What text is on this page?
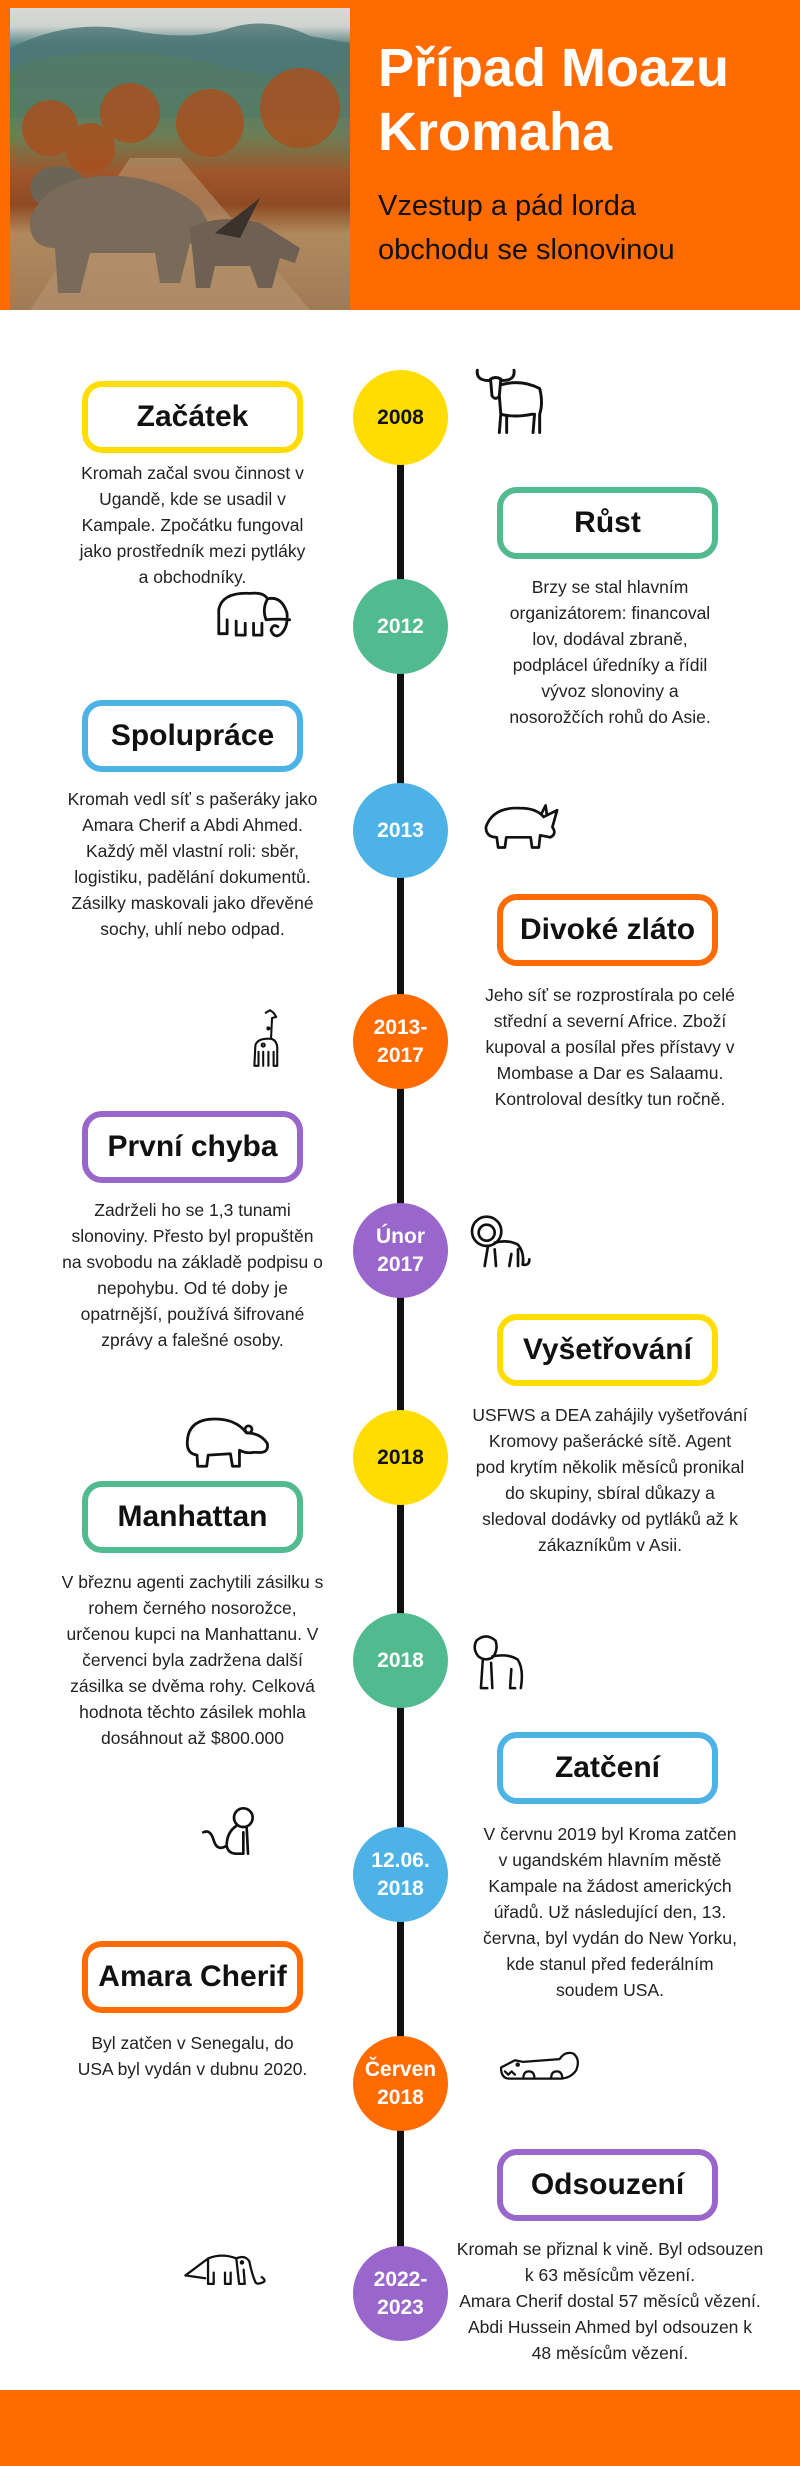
Případ Moazu
Kromaha
Vzestup a pád lorda
obchodu se slonovinou
2008
Začátek
Kromah začal svou činnost v
Ugandě, kde se usadil v
Kampale. Zpočátku fungoval
jako prostředník mezi pytláky
a obchodníky.
2012
Růst
Brzy se stal hlavním
organizátorem: financoval
lov, dodával zbraně,
podplácel úředníky a řídil
vývoz slonoviny a
nosorožčích rohů do Asie.
2013
Spolupráce
Kromah vedl síť s pašeráky jako
Amara Cherif a Abdi Ahmed.
Každý měl vlastní roli: sběr,
logistiku, padělání dokumentů.
Zásilky maskovali jako dřevěné
sochy, uhlí nebo odpad.
2013-
2017
Divoké zláto
Jeho síť se rozprostírala po celé
střední a severní Africe. Zboží
kupoval a posílal přes přístavy v
Mombase a Dar es Salaamu.
Kontroloval desítky tun ročně.
Únor
2017
První chyba
Zadrželi ho se 1,3 tunami
slonoviny. Přesto byl propuštěn
na svobodu na základě podpisu o
nepohybu. Od té doby je
opatrnější, používá šifrované
zprávy a falešné osoby.
2018
Vyšetřování
USFWS a DEA zahájily vyšetřování
Kromovy pašerácké sítě. Agent
pod krytím několik měsíců pronikal
do skupiny, sbíral důkazy a
sledoval dodávky od pytláků až k
zákazníkům v Asii.
2018
Manhattan
V březnu agenti zachytili zásilku s
rohem černého nosorožce,
určenou kupci na Manhattanu. V
červenci byla zadržena další
zásilka se dvěma rohy. Celková
hodnota těchto zásilek mohla
dosáhnout až $800.000
12.06.
2018
Zatčení
V červnu 2019 byl Kroma zatčen
v ugandském hlavním městě
Kampale na žádost amerických
úřadů. Už následující den, 13.
června, byl vydán do New Yorku,
kde stanul před federálním
soudem USA.
Červen
2018
Amara Cherif
Byl zatčen v Senegalu, do
USA byl vydán v dubnu 2020.
2022-
2023
Odsouzení
Kromah se přiznal k vině. Byl odsouzen
k 63 měsícům vězení.
Amara Cherif dostal 57 měsíců vězení.
Abdi Hussein Ahmed byl odsouzen k
48 měsícům vězení.
